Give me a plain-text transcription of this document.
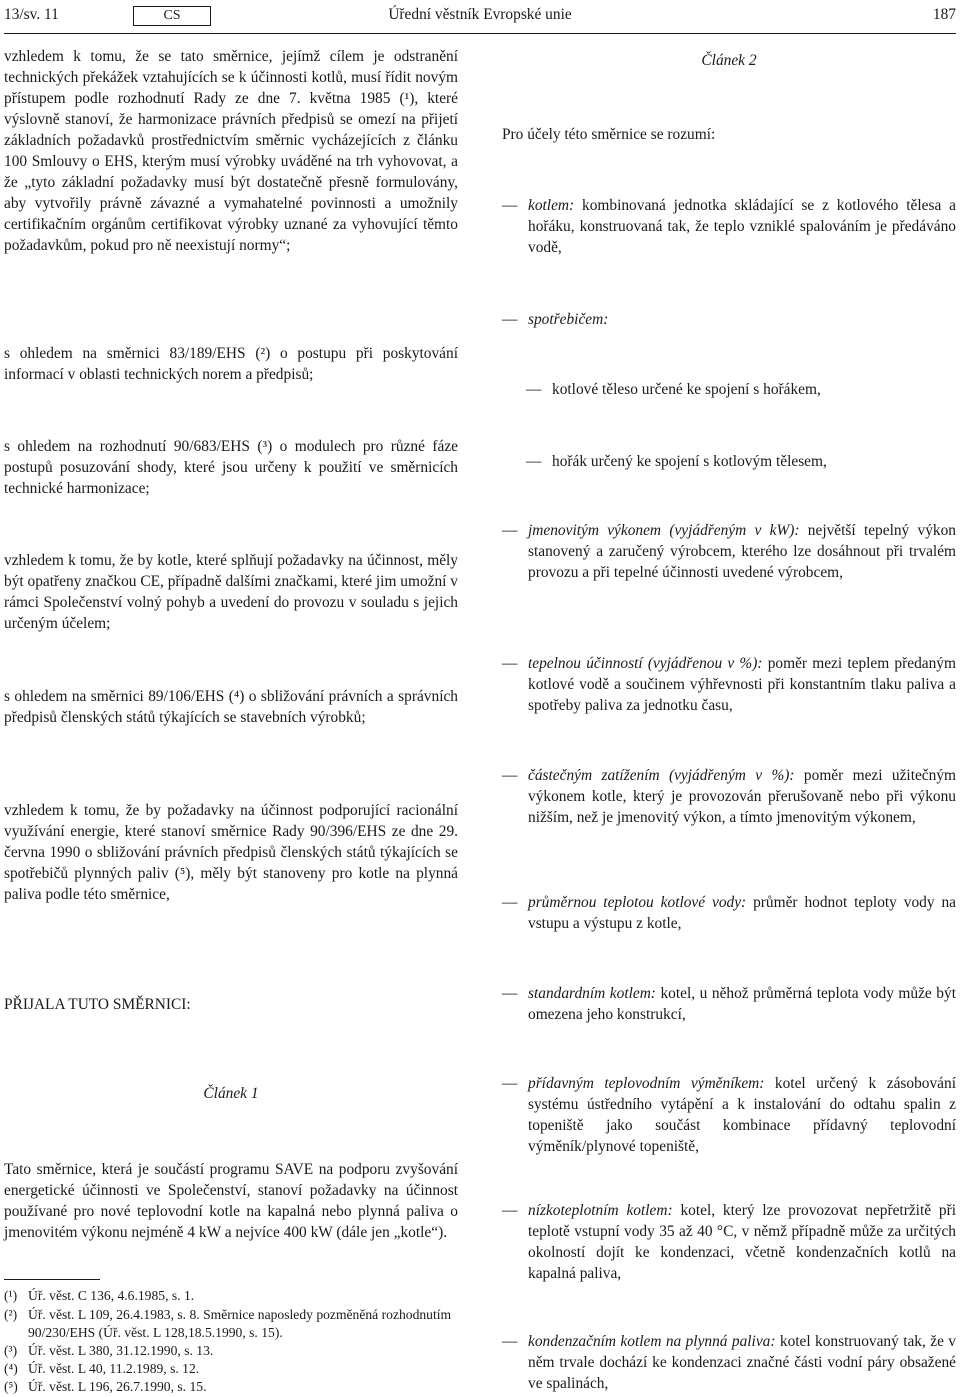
13/sv. 11	Úřední věstník Evropské unie
CS	187
vzhledem k tomu, že se tato směrnice, jejímž cílem je odstranění technických překážek vztahujících se k účinnosti kotlů, musí řídit novým přístupem podle rozhodnutí Rady ze dne 7. května 1985 (¹), které výslovně stanoví, že harmonizace právních předpisů se omezí na přijetí základních požadavků prostřednictvím směrnic vycházejících z článku 100 Smlouvy o EHS, kterým musí výrobky uváděné na trh vyhovovat, a že „tyto základní požadavky musí být dostatečně přesně formulovány, aby vytvořily právně závazné a vymahatelné povinnosti a umožnily certifikačním orgánům certifikovat výrobky uznané za vyhovující těmto požadavkům, pokud pro ně neexistují normy“;
s ohledem na směrnici 83/189/EHS (²) o postupu při poskytování informací v oblasti technických norem a předpisů;
s ohledem na rozhodnutí 90/683/EHS (³) o modulech pro různé fáze postupů posuzování shody, které jsou určeny k použití ve směrnicích technické harmonizace;
vzhledem k tomu, že by kotle, které splňují požadavky na účinnost, měly být opatřeny značkou CE, případně dalšími značkami, které jim umožní v rámci Společenství volný pohyb a uvedení do provozu v souladu s jejich určeným účelem;
s ohledem na směrnici 89/106/EHS (⁴) o sbližování právních a správních předpisů členských států týkajících se stavebních výrobků;
vzhledem k tomu, že by požadavky na účinnost podporující racionální využívání energie, které stanoví směrnice Rady 90/396/EHS ze dne 29. června 1990 o sbližování právních předpisů členských států týkajících se spotřebičů plynných paliv (⁵), měly být stanoveny pro kotle na plynná paliva podle této směrnice,
PŘIJALA TUTO SMĚRNICI:
Článek 1
Tato směrnice, která je součástí programu SAVE na podporu zvyšování energetické účinnosti ve Společenství, stanoví požadavky na účinnost používané pro nové teplovodní kotle na kapalná nebo plynná paliva o jmenovitém výkonu nejméně 4 kW a nejvíce 400 kW (dále jen „kotle“).
(¹) Úř. věst. C 136, 4.6.1985, s. 1.
(²) Úř. věst. L 109, 26.4.1983, s. 8. Směrnice naposledy pozměněná rozhodnutím 90/230/EHS (Úř. věst. L 128,18.5.1990, s. 15).
(³) Úř. věst. L 380, 31.12.1990, s. 13.
(⁴) Úř. věst. L 40, 11.2.1989, s. 12.
(⁵) Úř. věst. L 196, 26.7.1990, s. 15.
Článek 2
Pro účely této směrnice se rozumí:
— kotlem: kombinovaná jednotka skládající se z kotlového tělesa a hořáku, konstruovaná tak, že teplo vzniklé spalováním je předáváno vodě,
— spotřebičem:
— kotlové těleso určené ke spojení s hořákem,
— hořák určený ke spojení s kotlovým tělesem,
— jmenovitým výkonem (vyjádřeným v kW): největší tepelný výkon stanovený a zaručený výrobcem, kterého lze dosáhnout při trvalém provozu a při tepelné účinnosti uvedené výrobcem,
— tepelnou účinností (vyjádřenou v %): poměr mezi teplem předaným kotlové vodě a součinem výhřevnosti při konstantním tlaku paliva a spotřeby paliva za jednotku času,
— částečným zatížením (vyjádřeným v %): poměr mezi užitečným výkonem kotle, který je provozován přerušovaně nebo při výkonu nižším, než je jmenovitý výkon, a tímto jmenovitým výkonem,
— průměrnou teplotou kotlové vody: průměr hodnot teploty vody na vstupu a výstupu z kotle,
— standardním kotlem: kotel, u něhož průměrná teplota vody může být omezena jeho konstrukcí,
— přídavným teplovodním výměníkem: kotel určený k zásobování systému ústředního vytápění a k instalování do odtahu spalin z topeniště jako součást kombinace přídavný teplovodní výměník/plynové topeniště,
— nízkoteplotním kotlem: kotel, který lze provozovat nepřetržitě při teplotě vstupní vody 35 až 40 °C, v němž případně může za určitých okolností dojít ke kondenzaci, včetně kondenzačních kotlů na kapalná paliva,
— kondenzačním kotlem na plynná paliva: kotel konstruovaný tak, že v něm trvale dochází ke kondenzaci značné části vodní páry obsažené ve spalinách,
